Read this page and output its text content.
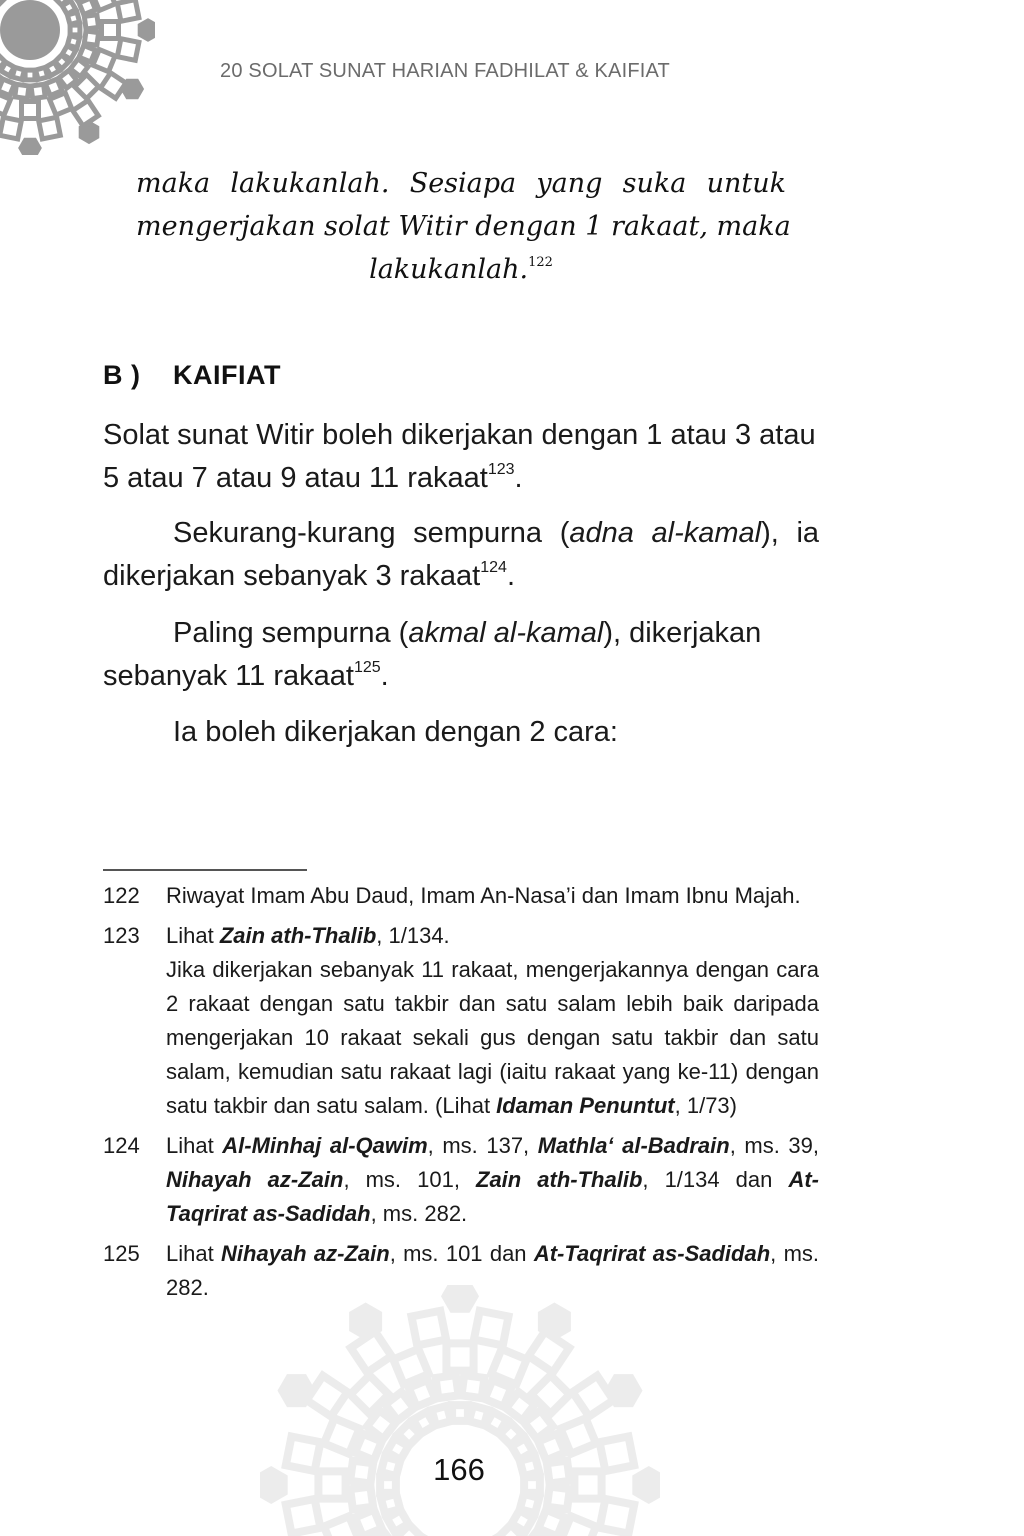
20 SOLAT SUNAT HARIAN FADHILAT & KAIFIAT
maka lakukanlah. Sesiapa yang suka untuk
mengerjakan solat Witir dengan 1 rakaat, maka
lakukanlah.$^{122}$
B ) KAIFIAT
Solat sunat Witir boleh dikerjakan dengan 1 atau 3 atau 5 atau 7 atau 9 atau 11 rakaat$^{123}$.
Sekurang-kurang sempurna (adna al-kamal), ia dikerjakan sebanyak 3 rakaat$^{124}$.
Paling sempurna (akmal al-kamal), dikerjakan sebanyak 11 rakaat$^{125}$.
Ia boleh dikerjakan dengan 2 cara:
122	Riwayat Imam Abu Daud, Imam An-Nasa’i dan Imam Ibnu Majah.
123	Lihat Zain ath-Thalib, 1/134.

Jika dikerjakan sebanyak 11 rakaat, mengerjakannya dengan cara 2 rakaat dengan satu takbir dan satu salam lebih baik daripada mengerjakan 10 rakaat sekali gus dengan satu takbir dan satu salam, kemudian satu rakaat lagi (iaitu rakaat yang ke-11) dengan satu takbir dan satu salam. (Lihat Idaman Penuntut, 1/73)

124	Lihat Al-Minhaj al-Qawim, ms. 137, Mathla‘ al-Badrain, ms. 39, Nihayah az-Zain, ms. 101, Zain ath-Thalib, 1/134 dan At-Taqrirat as-Sadidah, ms. 282.
125	Lihat Nihayah az-Zain, ms. 101 dan At-Taqrirat as-Sadidah, ms. 282.
166
